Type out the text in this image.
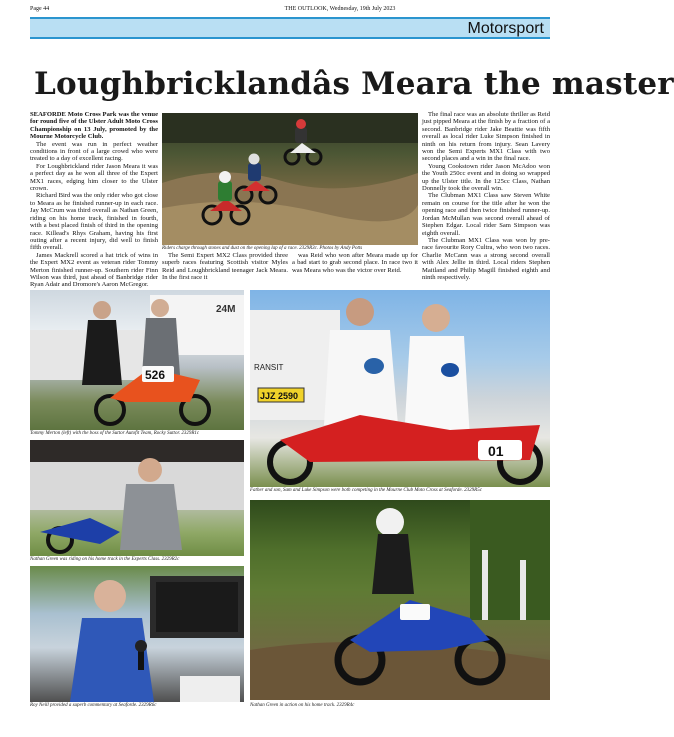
Page 44	THE OUTLOOK, Wednesday, 19th July 2023
Motorsport
Loughbricklandâs Meara the master

SEAFORDE Moto Cross Park was the venue for round five of the Ulster Adult Moto Cross Championship on 13 July, promoted by the Mourne Motorcycle Club.

The event was run in perfect weather conditions in front of a large crowd who were treated to a day of excellent racing.

For Loughbrickland rider Jason Meara it was a perfect day as he won all three of the Expert MX1 races, edging him closer to the Ulster crown.

Richard Bird was the only rider who got close to Meara as he finished runner-up in each race. Jay McCrum was third overall as Nathan Green, riding on his home track, finished in fourth, with a best placed finish of third in the opening race. Killead's Rhys Graham, having his first outing after a recent injury, did well to finish fifth overall.

James Mackrell scored a hat trick of wins in the Expert MX2 event as veteran rider Tommy Merton finished runner-up. Southern rider Finn Wilson was third, just ahead of Banbridge rider Ryan Adair and Dromore's Aaron McGregor.

Riders charge through stones and dust on the opening lap of a race. 2329R3c. Photos by Andy Potts

The Semi Expert MX2 Class provided three superb races featuring Scottish visitor Myles Reid and Loughbrickland teenager Jack Meara. In the first race it

was Reid who won after Meara made up for a bad start to grab second place. In race two it was Meara who was the victor over Reid.

The final race was an absolute thriller as Reid just pipped Meara at the finish by a fraction of a second. Banbridge rider Jake Beattie was fifth overall as local rider Luke Simpson finished in ninth on his return from injury. Sean Lavery won the Semi Experts MX1 Class with two second places and a win in the final race.

Young Cookstown rider Jason McAdoo won the Youth 250cc event and in doing so wrapped up the Ulster title. In the 125cc Class, Nathan Donnelly took the overall win.

The Clubman MX1 Class saw Steven White remain on course for the title after he won the opening race and then twice finished runner-up. Jordan McMullan was second overall ahead of Stephen Edgar. Local rider Sam Simpson was eighth overall.

The Clubman MX1 Class was won by pre-race favourite Rory Cultra, who won two races. Charlie McCann was a strong second overall with Alex Jellie in third. Local riders Stephen Maitland and Philip Magill finished eighth and ninth respectively.

24M
526
Tommy Merton (left) with the boss of the Suttor Autofit Team, Rocky Suttor. 2329R1c
JJZ 2590
RANSIT
01
Father and son, Sam and Luke Simpson were both competing in the Mourne Club Moto Cross at Seaforde. 2329R5c
Nathan Green was riding on his home track in the Experts Class. 2329R2c
Roy Neill provided a superb commentary at Seaforde. 2329R6c	Nathan Green in action on his home track. 2329R4c
